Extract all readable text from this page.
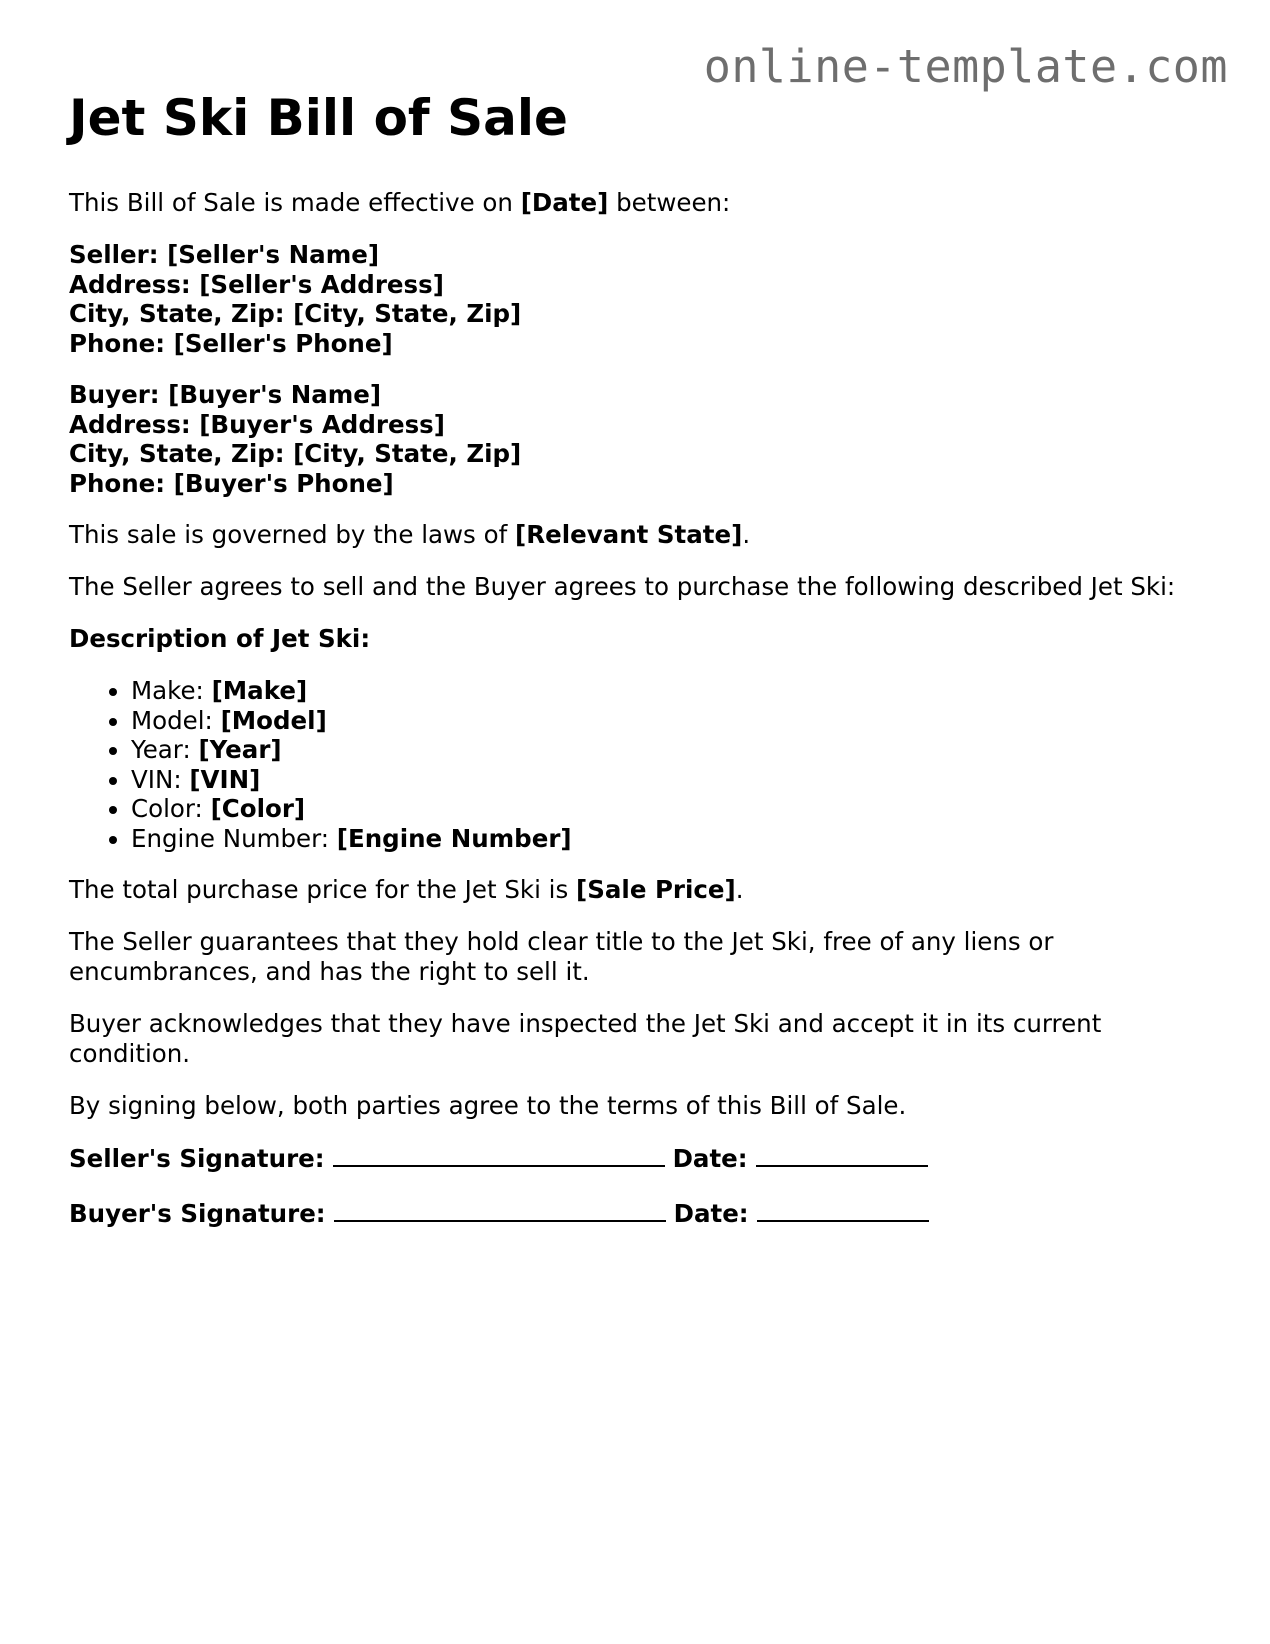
online-template.com
Jet Ski Bill of Sale

This Bill of Sale is made effective on [Date] between:

Seller: [Seller's Name]
Address: [Seller's Address]
City, State, Zip: [City, State, Zip]
Phone: [Seller's Phone]
Buyer: [Buyer's Name]
Address: [Buyer's Address]
City, State, Zip: [City, State, Zip]
Phone: [Buyer's Phone]

This sale is governed by the laws of [Relevant State].

The Seller agrees to sell and the Buyer agrees to purchase the following described Jet Ski:

Description of Jet Ski:

• Make: [Make]
• Model: [Model]
• Year: [Year]
• VIN: [VIN]
• Color: [Color]
• Engine Number: [Engine Number]

The total purchase price for the Jet Ski is [Sale Price].

The Seller guarantees that they hold clear title to the Jet Ski, free of any liens or encumbrances, and has the right to sell it.

Buyer acknowledges that they have inspected the Jet Ski and accept it in its current condition.

By signing below, both parties agree to the terms of this Bill of Sale.

Seller's Signature:	Date:
Buyer's Signature:	Date:
